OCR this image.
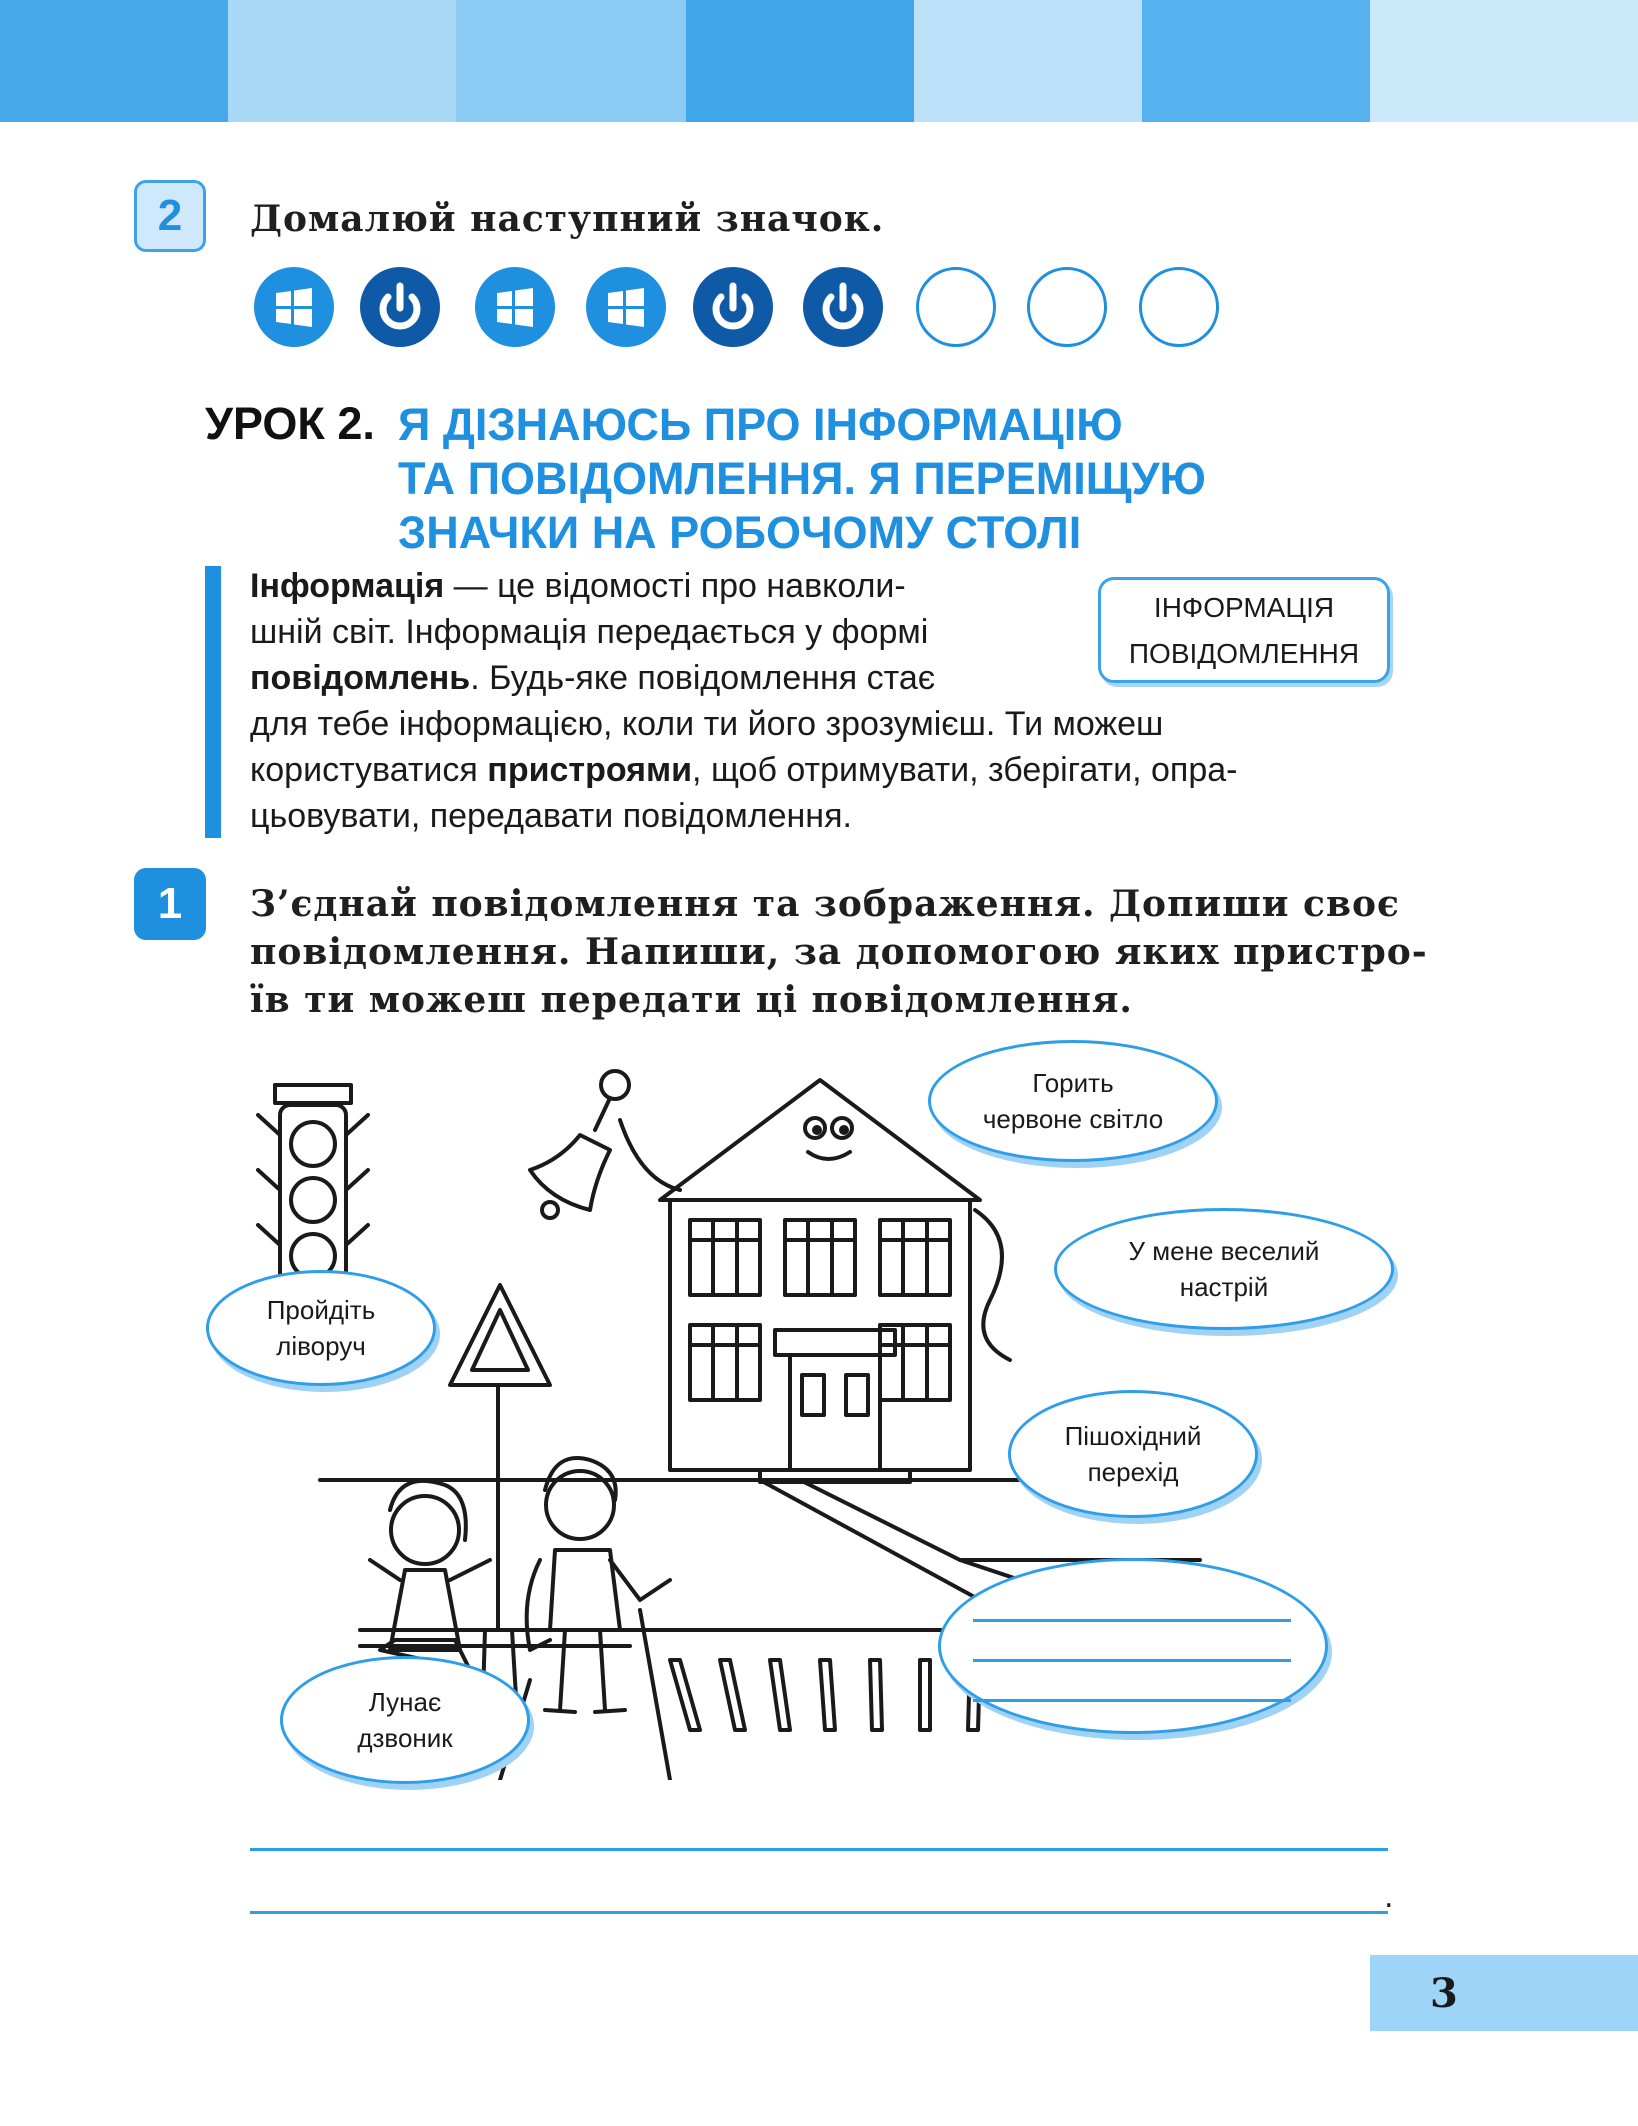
2	Домалюй наступний значок.
УРОК 2. Я ДІЗНАЮСЬ ПРО ІНФОРМАЦІЮ
ТА ПОВІДОМЛЕННЯ. Я ПЕРЕМІЩУЮ
ЗНАЧКИ НА РОБОЧОМУ СТОЛІ
Інформація — це відомості про навколи-
шній світ. Інформація передається у формі
повідомлень. Будь-яке повідомлення стає
для тебе інформацією, коли ти його зрозумієш. Ти можеш
користуватися пристроями, щоб отримувати, зберігати, опра-
цьовувати, передавати повідомлення.
ІНФОРМАЦІЯ
ПОВІДОМЛЕННЯ
1	З’єднай повідомлення та зображення. Допиши своє
повідомлення. Напиши, за допомогою яких пристро-
їв ти можеш передати ці повідомлення.
Горить
червоне світло
У мене веселий
настрій
Пройдіть
ліворуч
Пішохідний
перехід
Лунає
дзвоник
.
3
